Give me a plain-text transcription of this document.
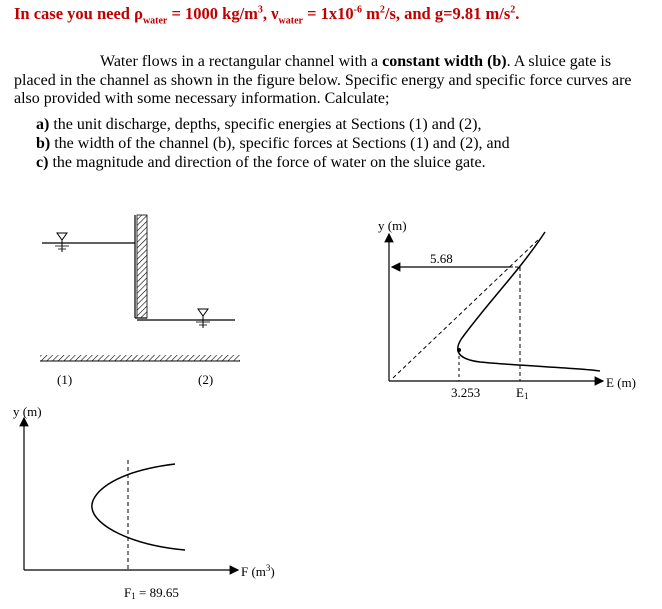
In case you need $\rho_{water} = 1000$ $kg/m^3$, $\nu_{water} = 1x10^{-6}$ $m^2/s$, and g=9.81 $m/s^2$.
Water flows in a rectangular channel with a constant width (b). A sluice gate is placed in the channel as shown in the figure below. Specific energy and specific force curves are also provided with some necessary information. Calculate;
a) the unit discharge, depths, specific energies at Sections (1) and (2),
b) the width of the channel (b), specific forces at Sections (1) and (2), and
c) the magnitude and direction of the force of water on the sluice gate.
(1)	(2)
y (m)
E (m)
5.68
3.253	E1
y (m)
F $(m^3)$
F1 = 89.65
